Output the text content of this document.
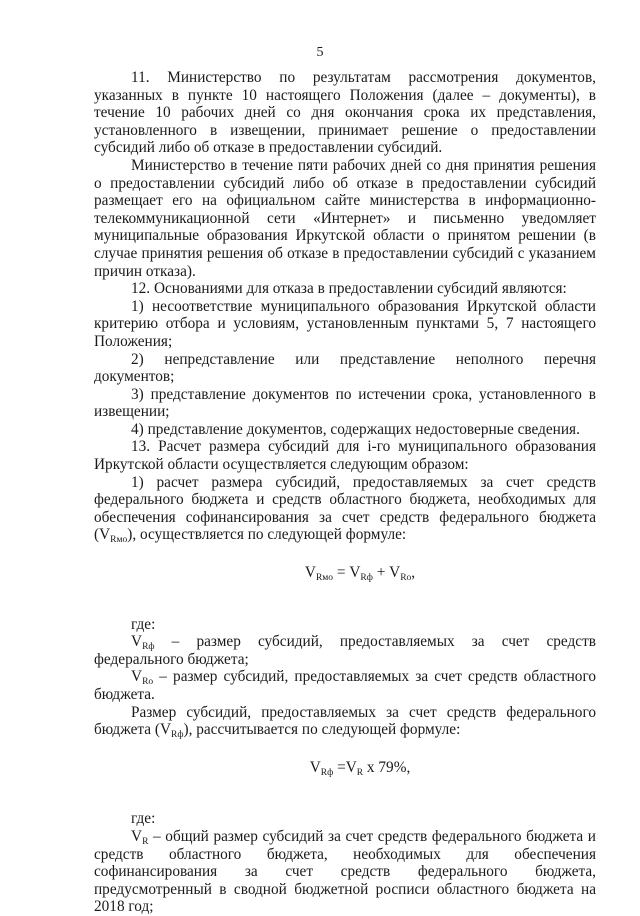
5

11. Министерство по результатам рассмотрения документов, указанных в пункте 10 настоящего Положения (далее – документы), в течение 10 рабочих дней со дня окончания срока их представления, установленного в извещении, принимает решение о предоставлении субсидий либо об отказе в предоставлении субсидий.

Министерство в течение пяти рабочих дней со дня принятия решения о предоставлении субсидий либо об отказе в предоставлении субсидий размещает его на официальном сайте министерства в информационно-телекоммуникационной сети «Интернет» и письменно уведомляет муниципальные образования Иркутской области о принятом решении (в случае принятия решения об отказе в предоставлении субсидий с указанием причин отказа).

12. Основаниями для отказа в предоставлении субсидий являются:

1) несоответствие муниципального образования Иркутской области критерию отбора и условиям, установленным пунктами 5, 7 настоящего Положения;

2) непредставление или представление неполного перечня документов;

3) представление документов по истечении срока, установленного в извещении;

4) представление документов, содержащих недостоверные сведения.

13. Расчет размера субсидий для i-го муниципального образования Иркутской области осуществляется следующим образом:

1) расчет размера субсидий, предоставляемых за счет средств федерального бюджета и средств областного бюджета, необходимых для обеспечения софинансирования за счет средств федерального бюджета $(V_{Rмо})$, осуществляется по следующей формуле:

$V_{Rмо} = V_{Rф} + V_{Ro}$,

где:

$V_{Rф}$ – размер субсидий, предоставляемых за счет средств федерального бюджета;

$V_{Ro}$ – размер субсидий, предоставляемых за счет средств областного бюджета.

Размер субсидий, предоставляемых за счет средств федерального бюджета $(V_{Rф})$, рассчитывается по следующей формуле:

$V_{Rф} =V_R$ x 79%,

где:

$V_R$ – общий размер субсидий за счет средств федерального бюджета и средств областного бюджета, необходимых для обеспечения софинансирования за счет средств федерального бюджета, предусмотренный в сводной бюджетной росписи областного бюджета на 2018 год;
